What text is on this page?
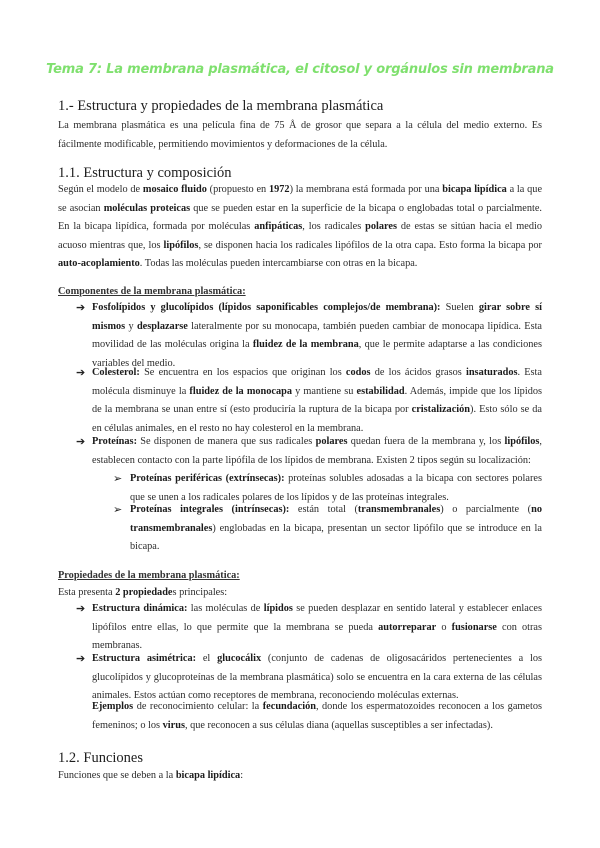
Tema 7: La membrana plasmática, el citosol y orgánulos sin membrana
1.- Estructura y propiedades de la membrana plasmática
La membrana plasmática es una película fina de 75 Å de grosor que separa a la célula del medio externo. Es fácilmente modificable, permitiendo movimientos y deformaciones de la célula.
1.1. Estructura y composición
Según el modelo de mosaico fluido (propuesto en 1972) la membrana está formada por una bicapa lipídica a la que se asocian moléculas proteicas que se pueden estar en la superficie de la bicapa o englobadas total o parcialmente. En la bicapa lipídica, formada por moléculas anfipáticas, los radicales polares de estas se sitúan hacia el medio acuoso mientras que, los lipófilos, se disponen hacia los radicales lipófilos de la otra capa. Esto forma la bicapa por auto-acoplamiento. Todas las moléculas pueden intercambiarse con otras en la bicapa.
Componentes de la membrana plasmática:
➔ Fosfolípidos y glucolípidos (lípidos saponificables complejos/de membrana): Suelen girar sobre sí mismos y desplazarse lateralmente por su monocapa, también pueden cambiar de monocapa lipídica. Esta movilidad de las moléculas origina la fluidez de la membrana, que le permite adaptarse a las condiciones variables del medio.
➔ Colesterol: Se encuentra en los espacios que originan los codos de los ácidos grasos insaturados. Esta molécula disminuye la fluidez de la monocapa y mantiene su estabilidad. Además, impide que los lípidos de la membrana se unan entre sí (esto produciría la ruptura de la bicapa por cristalización). Esto sólo se da en células animales, en el resto no hay colesterol en la membrana.
➔ Proteínas: Se disponen de manera que sus radicales polares quedan fuera de la membrana y, los lipófilos, establecen contacto con la parte lipófila de los lípidos de membrana. Existen 2 tipos según su localización:
➢ Proteínas periféricas (extrínsecas): proteínas solubles adosadas a la bicapa con sectores polares que se unen a los radicales polares de los lípidos y de las proteínas integrales.
➢ Proteínas integrales (intrínsecas): están total (transmembranales) o parcialmente (no transmembranales) englobadas en la bicapa, presentan un sector lipófilo que se introduce en la bicapa.
Propiedades de la membrana plasmática:
Esta presenta 2 propiedades principales:
➔ Estructura dinámica: las moléculas de lípidos se pueden desplazar en sentido lateral y establecer enlaces lipófilos entre ellas, lo que permite que la membrana se pueda autorreparar o fusionarse con otras membranas.
➔ Estructura asimétrica: el glucocálix (conjunto de cadenas de oligosacáridos pertenecientes a los glucolípidos y glucoproteínas de la membrana plasmática) solo se encuentra en la cara externa de las células animales. Estos actúan como receptores de membrana, reconociendo moléculas externas.
Ejemplos de reconocimiento celular: la fecundación, donde los espermatozoides reconocen a los gametos femeninos; o los virus, que reconocen a sus células diana (aquellas susceptibles a ser infectadas).
1.2. Funciones
Funciones que se deben a la bicapa lipídica:
